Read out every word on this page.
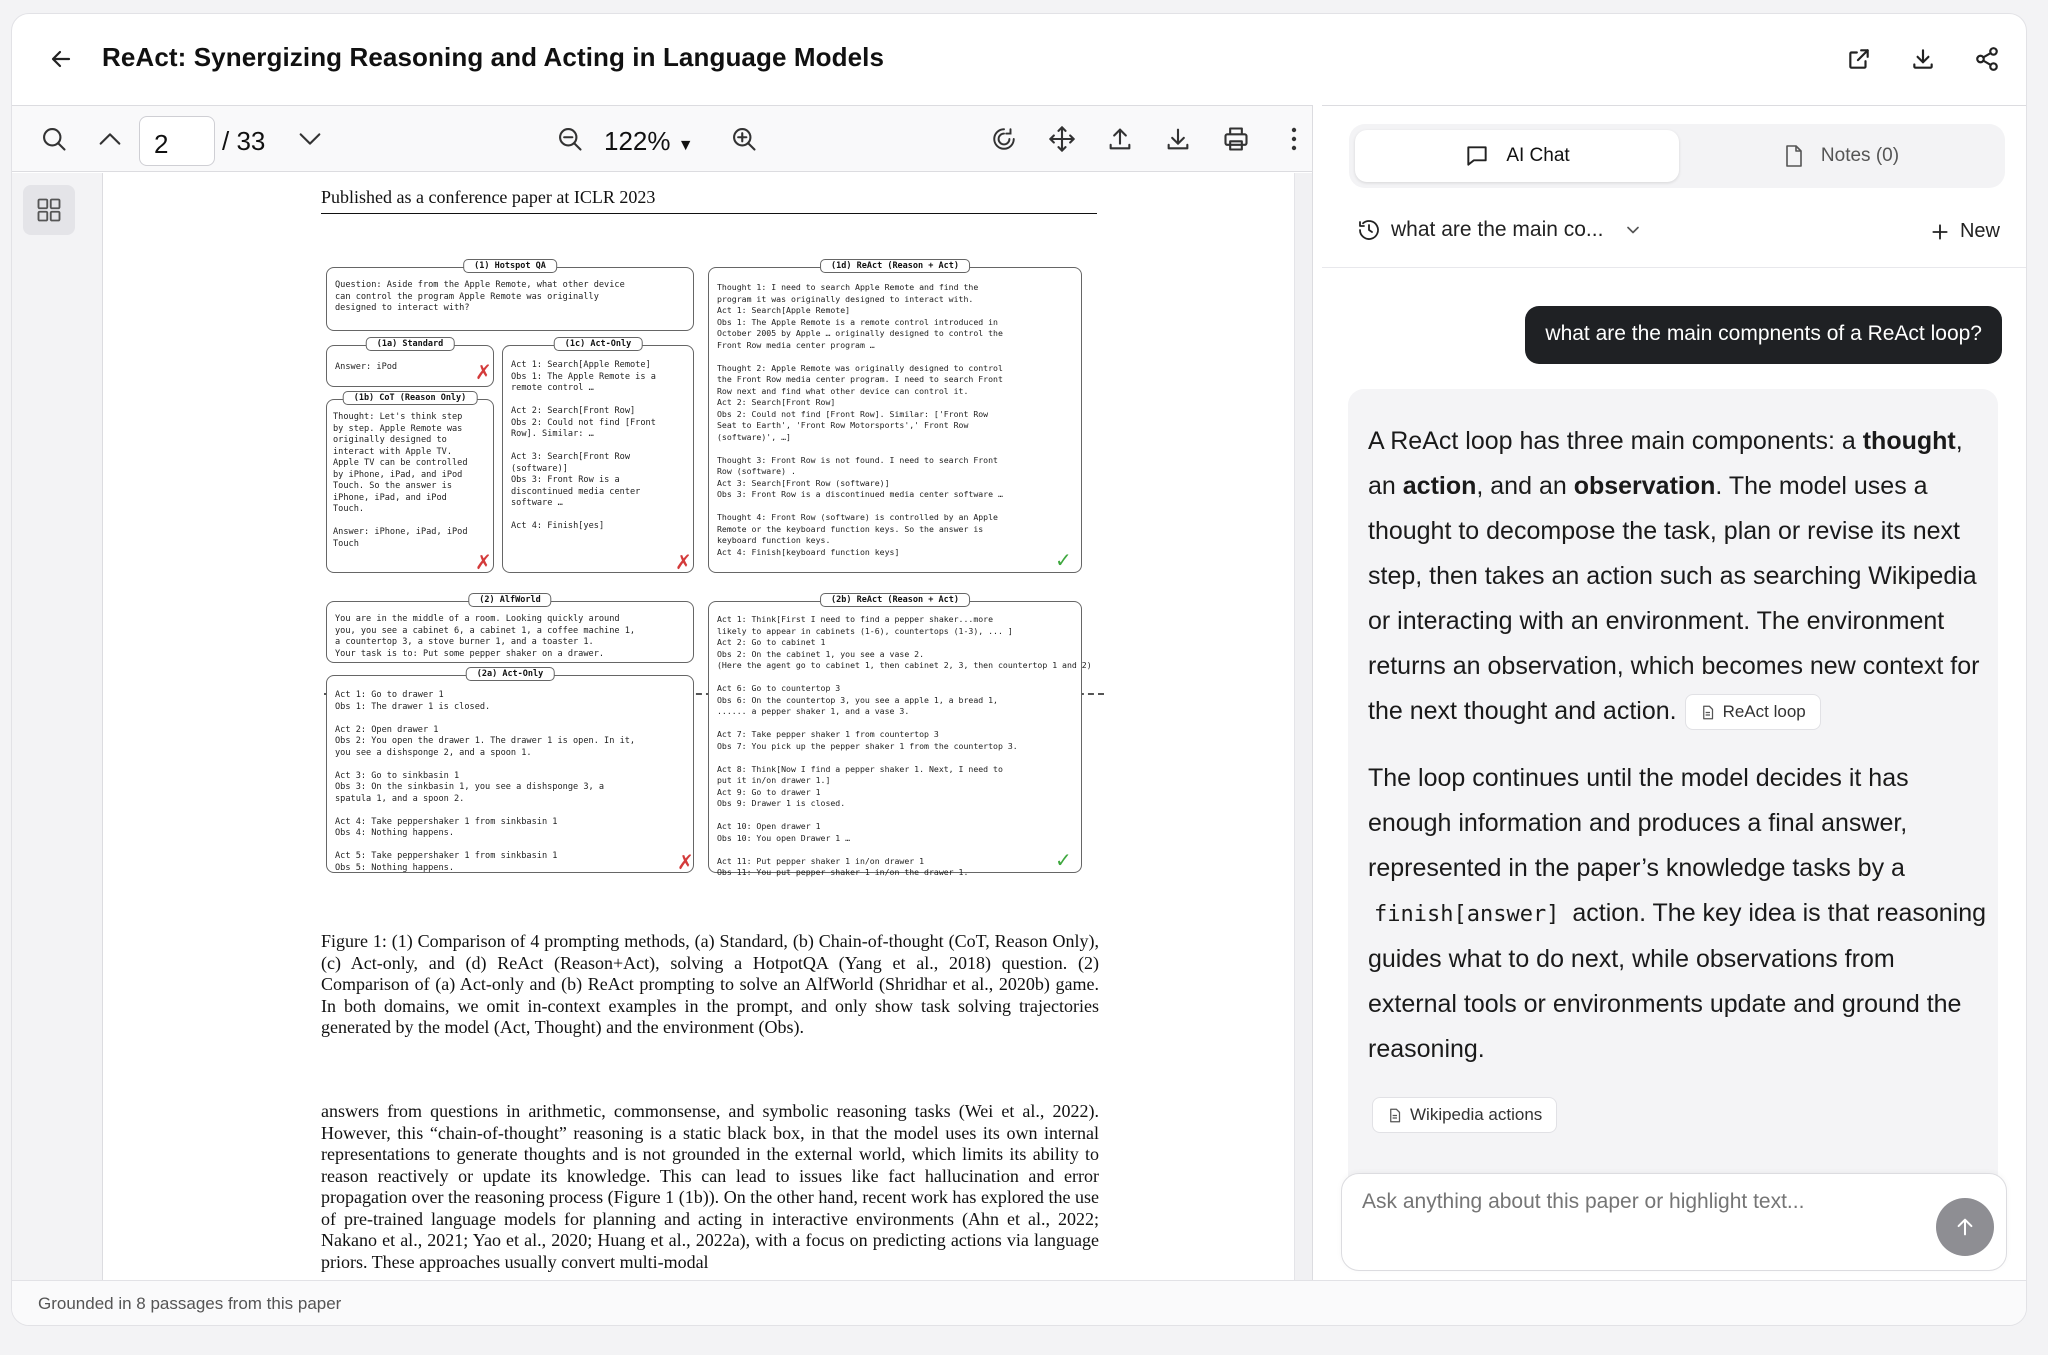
ReAct: Synergizing Reasoning and Acting in Language Models
2	/ 33	122% ▼
Published as a conference paper at ICLR 2023
(1) Hotspot QA
Question: Aside from the Apple Remote, what other device
can control the program Apple Remote was originally
designed to interact with?
(1a) Standard
Answer: iPod	✗
(1b) CoT (Reason Only)
Thought: Let's think step
by step. Apple Remote was
originally designed to
interact with Apple TV.
Apple TV can be controlled
by iPhone, iPad, and iPod
Touch. So the answer is
iPhone, iPad, and iPod
Touch.

Answer: iPhone, iPad, iPod
Touch
✗
(1c) Act-Only
Act 1: Search[Apple Remote]
Obs 1: The Apple Remote is a
remote control …

Act 2: Search[Front Row]
Obs 2: Could not find [Front
Row]. Similar: …

Act 3: Search[Front Row
(software)]
Obs 3: Front Row is a
discontinued media center
software …

Act 4: Finish[yes]
✗
(1d) ReAct (Reason + Act)
Thought 1: I need to search Apple Remote and find the
program it was originally designed to interact with.
Act 1: Search[Apple Remote]
Obs 1: The Apple Remote is a remote control introduced in
October 2005 by Apple … originally designed to control the
Front Row media center program …

Thought 2: Apple Remote was originally designed to control
the Front Row media center program. I need to search Front
Row next and find what other device can control it.
Act 2: Search[Front Row]
Obs 2: Could not find [Front Row]. Similar: ['Front Row
Seat to Earth', 'Front Row Motorsports',' Front Row
(software)', …]

Thought 3: Front Row is not found. I need to search Front
Row (software) .
Act 3: Search[Front Row (software)]
Obs 3: Front Row is a discontinued media center software …

Thought 4: Front Row (software) is controlled by an Apple
Remote or the keyboard function keys. So the answer is
keyboard function keys.
Act 4: Finish[keyboard function keys]	✓
(2) AlfWorld
You are in the middle of a room. Looking quickly around
you, you see a cabinet 6, a cabinet 1, a coffee machine 1,
a countertop 3, a stove burner 1, and a toaster 1.
Your task is to: Put some pepper shaker on a drawer.
(2a) Act-Only
Act 1: Go to drawer 1
Obs 1: The drawer 1 is closed.

Act 2: Open drawer 1
Obs 2: You open the drawer 1. The drawer 1 is open. In it,
you see a dishsponge 2, and a spoon 1.

Act 3: Go to sinkbasin 1
Obs 3: On the sinkbasin 1, you see a dishsponge 3, a
spatula 1, and a spoon 2.

Act 4: Take peppershaker 1 from sinkbasin 1
Obs 4: Nothing happens.

Act 5: Take peppershaker 1 from sinkbasin 1
Obs 5: Nothing happens.	✗
(2b) ReAct (Reason + Act)
Act 1: Think[First I need to find a pepper shaker...more
likely to appear in cabinets (1-6), countertops (1-3), ... ]
Act 2: Go to cabinet 1
Obs 2: On the cabinet 1, you see a vase 2.
(Here the agent go to cabinet 1, then cabinet 2, 3, then countertop 1 and 2)

Act 6: Go to countertop 3
Obs 6: On the countertop 3, you see a apple 1, a bread 1,
...... a pepper shaker 1, and a vase 3.

Act 7: Take pepper shaker 1 from countertop 3
Obs 7: You pick up the pepper shaker 1 from the countertop 3.

Act 8: Think[Now I find a pepper shaker 1. Next, I need to
put it in/on drawer 1.]
Act 9: Go to drawer 1
Obs 9: Drawer 1 is closed.

Act 10: Open drawer 1
Obs 10: You open Drawer 1 …

Act 11: Put pepper shaker 1 in/on drawer 1
Obs 11: You put pepper shaker 1 in/on the drawer 1.	✓
Figure 1: (1) Comparison of 4 prompting methods, (a) Standard, (b) Chain-of-thought (CoT, Reason Only), (c) Act-only, and (d) ReAct (Reason+Act), solving a HotpotQA (Yang et al., 2018) question. (2) Comparison of (a) Act-only and (b) ReAct prompting to solve an AlfWorld (Shridhar et al., 2020b) game. In both domains, we omit in-context examples in the prompt, and only show task solving trajectories generated by the model (Act, Thought) and the environment (Obs).
answers from questions in arithmetic, commonsense, and symbolic reasoning tasks (Wei et al., 2022). However, this “chain-of-thought” reasoning is a static black box, in that the model uses its own internal representations to generate thoughts and is not grounded in the external world, which limits its ability to reason reactively or update its knowledge. This can lead to issues like fact hallucination and error propagation over the reasoning process (Figure 1 (1b)). On the other hand, recent work has explored the use of pre-trained language models for planning and acting in interactive environments (Ahn et al., 2022; Nakano et al., 2021; Yao et al., 2020; Huang et al., 2022a), with a focus on predicting actions via language priors. These approaches usually convert multi-modal
AI Chat	Notes (0)
what are the main co...	New
what are the main compnents of a ReAct loop?

A ReAct loop has three main components: a thought, an action, and an observation. The model uses a thought to decompose the task, plan or revise its next step, then takes an action such as searching Wikipedia or interacting with an environment. The environment returns an observation, which becomes new context for the next thought and action.	ReAct loop

The loop continues until the model decides it has enough information and produces a final answer, represented in the paper’s knowledge tasks by a finish[answer] action. The key idea is that reasoning guides what to do next, while observations from external tools or environments update and ground the reasoning.

Wikipedia actions
Ask anything about this paper or highlight text...
Grounded in 8 passages from this paper
